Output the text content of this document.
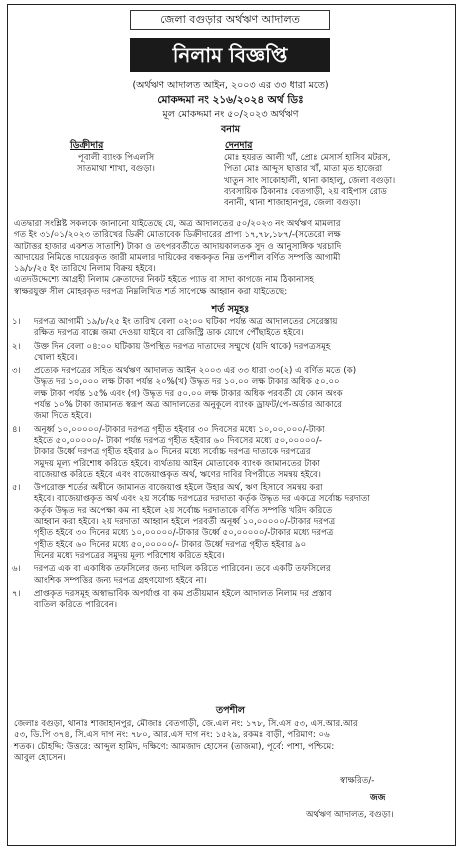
জেলা বগুড়ার অর্থঋণ আদালত
নিলাম বিজ্ঞপ্তি
(অর্থঋণ আদালত আইন, ২০০৩ এর ৩৩ ধারা মতে)
মোকদ্দমা নং ২১৬/২০২৪ অর্থ ডিঃ
মূল মোকদ্দমা নং ৫০/২০২৩ অর্থঋণ
বনাম
ডিক্রীদার
পূবালী ব্যাংক পিএলসি
সাতমাথা শাখা, বগুড়া।
দেনদার
মোঃ হযরত আলী খাঁ, প্রোঃ মেসার্স হাসিব মটরস,
পিতা মোঃ আব্দুস ছাত্তার খাঁ, মাতা মৃত হাজেরা
খাতুন সাং সাকোহালী, থানা কাহালু, জেলা বগুড়া।
ব্যবসায়িক ঠিকানাঃ বেতগাড়ী, ২য় বাইপাস রোড
বনানী, থানা শাজাহানপুর, জেলা বগুড়া।
এতদ্বারা সংশ্লিষ্ট সকলকে জানানো যাইতেছে যে, অত্র আদালতের ৫০/২০২৩ নং অর্থঋণ মামলার
গত ইং ৩১/০১/২০২৩ তারিখের ডিক্রী মোতাবেক ডিক্রীদারের প্রাপ্য ১৭,৭৮,১৮৭/-(সতেরো লক্ষ
আটাত্তর হাজার একশত সাতাশি) টাকা ও তৎপরবর্তীতে আদায়কালতক সুদ ও আনুসাঙ্গিক খরচাদি
আদায়ের নিমিত্তে দায়েরকৃত জারী মামলার দায়িকের বন্ধককৃত নিম্ন তপশীল বর্ণিত সম্পত্তি আগামী
১৯/৮/২৫ ইং তারিখে নিলাম বিক্রয় হইবে।
এতদউদ্দেশ্যে আগ্রহী নিলাম ক্রেতাদের নিকট হইতে প্যাড বা সাদা কাগজে নাম ঠিকানাসহ
স্বাক্ষরযুক্ত সীল মোহরকৃত দরপত্র নিম্নলিখিত শর্ত সাপেক্ষে আহ্বান করা যাইতেছে:
শর্ত সমূহঃ
১।	দরপত্র আগামী ১৯/৮/২৫ ইং তারিখ বেলা ০২:০০ ঘটিকা পর্যন্ত অত্র আদালতের সেরেস্তায়
রক্ষিত দরপত্র বাক্সে জমা দেওয়া যাইবে বা রেজিস্ট্রি ডাক যোগে পৌঁছাইতে হইবে।
২।	উক্ত দিন বেলা ০৪:০০ ঘটিকায় উপস্থিত দরপত্র দাতাদের সম্মুখে (যদি থাকে) দরপত্রসমূহ
খোলা হইবে।
৩।	প্রত্যেক দরপত্রের সহিত অর্থঋণ আদালত আইন ২০০৩ এর ৩৩ ধারা ৩৩(২) এ বর্ণিত মতে (ক)
উদ্ধৃত দর ১০,০০০ লক্ষ টাকা পর্যন্ত ২০%(খ) উদ্ধৃত দর ১০.০০ লক্ষ টাকার অধিক ৫০.০০
লক্ষ টাকা পর্যন্ত ১৫% এবং (গ) উদ্ধৃত দর ৫০.০০ লক্ষ টাকার অধিক পরবর্তী যে কোন অংক
পর্যন্ত ১০% টাকা জামানত স্বরূপ অত্র আদালতের অনুকূলে ব্যাংক ড্রাফট/পে-অর্ডার আকারে
জমা দিতে হইবে।
৪।	অনূর্ধ্ব ১০,০০০০০/-টাকার দরপত্র গৃহীত হইবার ৩০ দিবসের মধ্যে ১০,০০,০০০/-টাকা
হইতে ৫০,০০০০০/- টাকা পর্যন্ত দরপত্র গৃহীত হইবার ৬০ দিবসের মধ্যে ৫০,০০০০০/-
টাকার উর্ধ্বে দরপত্র গৃহীত হইবার ৯০ দিনের মধ্যে সর্বোচ্চ দরপত্র দাতাকে দরপত্রের
সমুদয় মূল্য পরিশোধ করিতে হইবে। ব্যর্থতায় আইন মোতাবেক ব্যাংক জামানতের টাকা
বাজেয়াপ্ত করিতে হইবে এবং বাজেয়াপ্তকৃত অর্থ, ঋণের দাবির বিপরীতে সমন্বয় হইবে।
৫।	উপরোক্ত শর্তের অধীনে জামানত বাজেয়াপ্ত হইলে উহার অর্থ, ঋণ হিসাবে সমন্বয় করা
হইবে। বাজেয়াপ্তকৃত অর্থ এবং ২য় সর্বোচ্চ দরপত্রের দরদাতা কর্তৃক উদ্ধৃত দর একত্রে সর্বোচ্চ দরদাতা
কর্তৃক উদ্ধৃত দর অপেক্ষা কম না হইলে ২য় সর্বোচ্চ দরদাতাকে বর্ণিত সম্পত্তি খরিদ করিতে
আহ্বান করা হইবে। ২য় দরদাতা আহ্বান হইলে পরবর্তী অনূর্ধ্ব ১০,০০০০০/-টাকার দরপত্র
গৃহীত হইবে ৩০ দিনের মধ্যে ১০,০০০০০/-টাকার উর্ধ্বে ৫০,০০০০০/-টাকার মধ্যে দরপত্র
গৃহীত হইবে ৬০ দিনের মধ্যে ৫০,০০০০০/- টাকার উর্ধ্বে দরপত্র গৃহীত হইবার ৯০
দিনের মধ্যে দরপত্রের সমুদয় মূল্য পরিশোধ করিতে হইবে।
৬।	দরপত্র এক বা একাধিক তফসিলের জন্য দাখিল করিতে পারিবেন। তবে একটি তফসিলের
আংশিক সম্পত্তির জন্য দরপত্র গ্রহণযোগ্য হইবে না।
৭।	প্রাপ্তকৃত দরসমূহ অস্বাভাবিক অপর্যাপ্ত বা কম প্রতীয়মান হইলে আদালত নিলাম দর প্রস্তাব
বাতিল করিতে পারিবেন।
তপশীল
জেলাঃ বগুড়া, থানাঃ শাজাহানপুর, মৌজাঃ বেতগাড়ী, জে.এল নং: ১৭৮, সি.এস ৫৩, এস.আর.আর
৫৩, ডি.পি ৩৭৪, সি.এস দাগ নং: ৭৮০, আর.এস দাগ নং: ১৫২৯, রকমঃ বাড়ী, পরিমাণ: ০৬
শতক। চৌহদ্দি: উত্তরে: আব্দুল হামিদ, দক্ষিণে: আমজাদ হোসেন (তাজমা), পূর্বে: পাশা, পশ্চিমে:
আবুল হোসেন।
স্বাক্ষরিত/-
জজ
অর্থঋণ আদালত, বগুড়া।
